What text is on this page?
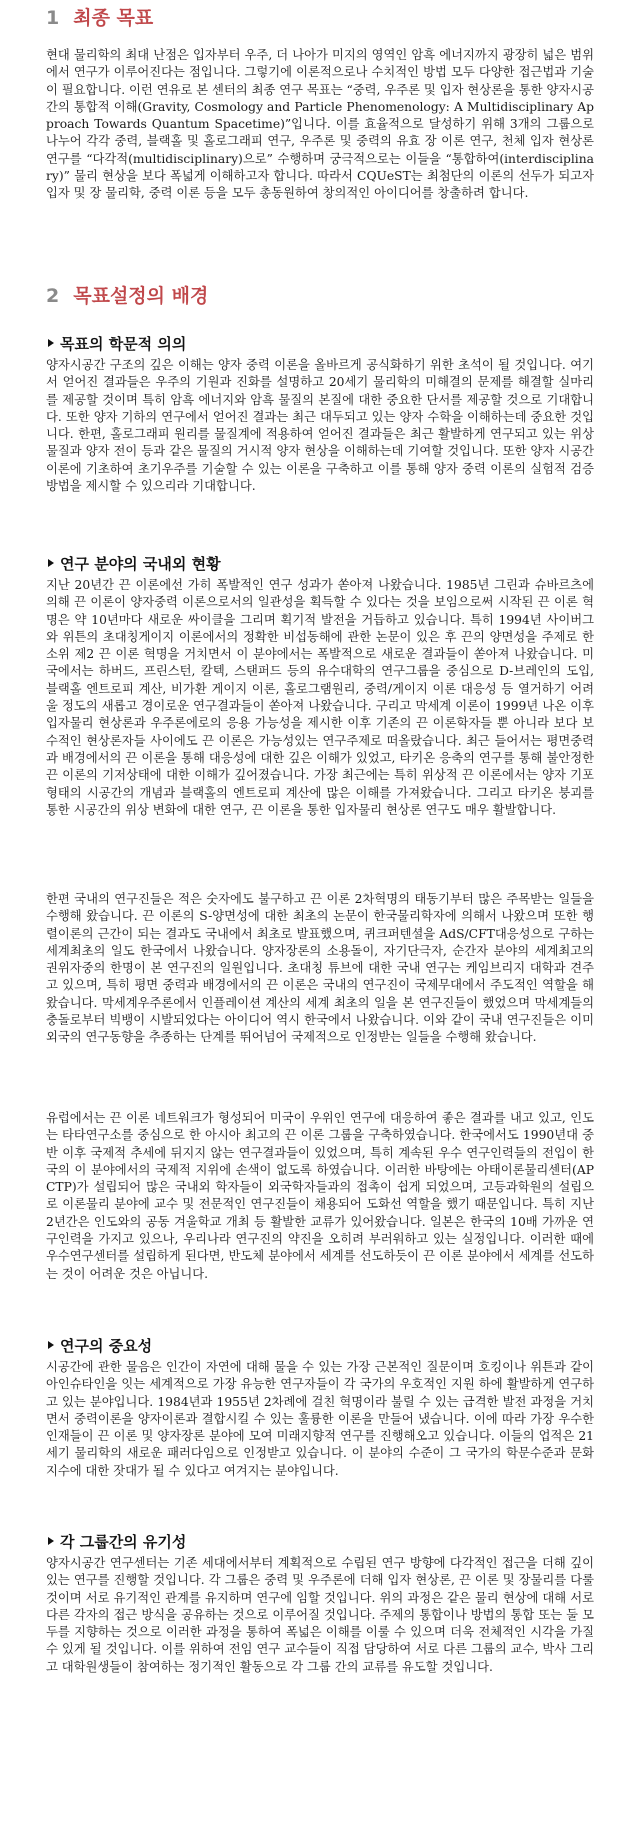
1 최종 목표

현대 물리학의 최대 난점은 입자부터 우주, 더 나아가 미지의 영역인 암흑 에너지까지 광장히 넓은 범위에서 연구가 이루어진다는 점입니다. 그렇기에 이론적으로나 수치적인 방법 모두 다양한 접근법과 기술이 필요합니다. 이런 연유로 본 센터의 최종 연구 목표는 “중력, 우주론 및 입자 현상론을 통한 양자시공간의 통합적 이해(Gravity, Cosmology and Particle Phenomenology: A Multidisciplinary Approach Towards Quantum Spacetime)”입니다. 이를 효율적으로 달성하기 위해 3개의 그룹으로 나누어 각각 중력, 블랙홀 및 홀로그래피 연구, 우주론 및 중력의 유효 장 이론 연구, 천체 입자 현상론 연구를 “다각적(multidisciplinary)으로” 수행하며 궁극적으로는 이들을 “통합하여(interdisciplinary)” 물리 현상을 보다 폭넓게 이해하고자 합니다. 따라서 CQUeST는 최첨단의 이론의 선두가 되고자 입자 및 장 물리학, 중력 이론 등을 모두 총동원하여 창의적인 아이디어를 창출하려 합니다.

2 목표설정의 배경
목표의 학문적 의의

양자시공간 구조의 깊은 이해는 양자 중력 이론을 올바르게 공식화하기 위한 초석이 될 것입니다. 여기서 얻어진 결과들은 우주의 기원과 진화를 설명하고 20세기 물리학의 미해결의 문제를 해결할 실마리를 제공할 것이며 특히 암흑 에너지와 암흑 물질의 본질에 대한 중요한 단서를 제공할 것으로 기대합니다. 또한 양자 기하의 연구에서 얻어진 결과는 최근 대두되고 있는 양자 수학을 이해하는데 중요한 것입니다. 한편, 홀로그래피 원리를 물질계에 적용하여 얻어진 결과들은 최근 활발하게 연구되고 있는 위상 물질과 양자 전이 등과 같은 물질의 거시적 양자 현상을 이해하는데 기여할 것입니다. 또한 양자 시공간 이론에 기초하여 초기우주를 기술할 수 있는 이론을 구축하고 이를 통해 양자 중력 이론의 실험적 검증 방법을 제시할 수 있으리라 기대합니다.

연구 분야의 국내외 현황

지난 20년간 끈 이론에선 가히 폭발적인 연구 성과가 쏟아져 나왔습니다. 1985년 그린과 슈바르츠에 의해 끈 이론이 양자중력 이론으로서의 일관성을 획득할 수 있다는 것을 보임으로써 시작된 끈 이론 혁명은 약 10년마다 새로운 싸이클을 그리며 획기적 발전을 거듭하고 있습니다. 특히 1994년 사이버그와 위튼의 초대칭게이지 이론에서의 정확한 비섭동해에 관한 논문이 있은 후 끈의 양면성을 주제로 한 소위 제2 끈 이론 혁명을 거치면서 이 분야에서는 폭발적으로 새로운 결과들이 쏟아져 나왔습니다. 미국에서는 하버드, 프린스턴, 칼텍, 스탠퍼드 등의 유수대학의 연구그룹을 중심으로 D-브레인의 도입, 블랙홀 엔트로피 계산, 비가환 게이지 이론, 홀로그램원리, 중력/게이지 이론 대응성 등 열거하기 어려울 정도의 새롭고 경이로운 연구결과들이 쏟아져 나왔습니다. 구리고 막세계 이론이 1999년 나온 이후 입자물리 현상론과 우주론에로의 응용 가능성을 제시한 이후 기존의 끈 이론학자들 뿐 아니라 보다 보수적인 현상론자들 사이에도 끈 이론은 가능성있는 연구주제로 떠올랐습니다. 최근 들어서는 평면중력과 배경에서의 끈 이론을 통해 대응성에 대한 깊은 이해가 있었고, 타키온 응축의 연구를 통해 불안정한 끈 이론의 기저상태에 대한 이해가 깊어졌습니다. 가장 최근에는 특히 위상적 끈 이론에서는 양자 기포형태의 시공간의 개념과 블랙홀의 엔트로피 계산에 많은 이해를 가져왔습니다. 그리고 타키온 붕괴를 통한 시공간의 위상 변화에 대한 연구, 끈 이론을 통한 입자물리 현상론 연구도 매우 활발합니다.

한편 국내의 연구진들은 적은 숫자에도 불구하고 끈 이론 2차혁명의 태동기부터 많은 주목받는 일들을 수행해 왔습니다. 끈 이론의 S-양면성에 대한 최초의 논문이 한국물리학자에 의해서 나왔으며 또한 행렬이론의 근간이 되는 결과도 국내에서 최초로 발표했으며, 퀴크퍼텐셜을 AdS/CFT대응성으로 구하는 세계최초의 일도 한국에서 나왔습니다. 양자장론의 소용돌이, 자기단극자, 순간자 분야의 세계최고의 권위자중의 한명이 본 연구진의 일원입니다. 초대칭 튜브에 대한 국내 연구는 케임브리지 대학과 견주고 있으며, 특히 평면 중력과 배경에서의 끈 이론은 국내의 연구진이 국제무대에서 주도적인 역할을 해왔습니다. 막세계우주론에서 인플레이션 계산의 세계 최초의 일을 본 연구진들이 했었으며 막세계들의 충돌로부터 빅뱅이 시발되었다는 아이디어 역시 한국에서 나왔습니다. 이와 같이 국내 연구진들은 이미 외국의 연구동향을 추종하는 단계를 뛰어넘어 국제적으로 인정받는 일들을 수행해 왔습니다.

유럽에서는 끈 이론 네트워크가 형성되어 미국이 우위인 연구에 대응하여 좋은 결과를 내고 있고, 인도는 타타연구소를 중심으로 한 아시아 최고의 끈 이론 그룹을 구축하였습니다. 한국에서도 1990년대 중반 이후 국제적 추세에 뒤지지 않는 연구결과들이 있었으며, 특히 계속된 우수 연구인력들의 전입이 한국의 이 분야에서의 국제적 지위에 손색이 없도록 하였습니다. 이러한 바탕에는 아태이론물리센터(APCTP)가 설립되어 많은 국내외 학자들이 외국학자들과의 접촉이 쉽게 되었으며, 고등과학원의 설립으로 이론물리 분야에 교수 및 전문적인 연구진들이 채용되어 도화선 역할을 했기 때문입니다. 특히 지난 2년간은 인도와의 공동 겨울학교 개최 등 활발한 교류가 있어왔습니다. 일본은 한국의 10배 가까운 연구인력을 가지고 있으나, 우리나라 연구진의 약진을 오히려 부러워하고 있는 실정입니다. 이러한 때에 우수연구센터를 설립하게 된다면, 반도체 분야에서 세계를 선도하듯이 끈 이론 분야에서 세계를 선도하는 것이 어려운 것은 아닙니다.

연구의 중요성

시공간에 관한 물음은 인간이 자연에 대해 물을 수 있는 가장 근본적인 질문이며 호킹이나 위튼과 같이 아인슈타인을 잇는 세계적으로 가장 유능한 연구자들이 각 국가의 우호적인 지원 하에 활발하게 연구하고 있는 분야입니다. 1984년과 1955년 2차례에 걸친 혁명이라 불릴 수 있는 급격한 발전 과정을 거치면서 중력이론을 양자이론과 결합시킬 수 있는 훌륭한 이론을 만들어 냈습니다. 이에 따라 가장 우수한 인재들이 끈 이론 및 양자장론 분야에 모여 미래지향적 연구를 진행해오고 있습니다. 이들의 업적은 21세기 물리학의 새로운 패러다임으로 인정받고 있습니다. 이 분야의 수준이 그 국가의 학문수준과 문화지수에 대한 잣대가 될 수 있다고 여겨지는 분야입니다.

각 그룹간의 유기성

양자시공간 연구센터는 기존 세대에서부터 계획적으로 수립된 연구 방향에 다각적인 접근을 더해 깊이 있는 연구를 진행할 것입니다. 각 그룹은 중력 및 우주론에 더해 입자 현상론, 끈 이론 및 장물리를 다룰 것이며 서로 유기적인 관계를 유지하며 연구에 임할 것입니다. 위의 과정은 같은 물리 현상에 대해 서로 다른 각자의 접근 방식을 공유하는 것으로 이루어질 것입니다. 주제의 통합이나 방법의 통합 또는 둘 모두를 지향하는 것으로 이러한 과정을 통하여 폭넓은 이해를 이룰 수 있으며 더욱 전체적인 시각을 가질 수 있게 될 것입니다. 이를 위하여 전임 연구 교수들이 직접 담당하여 서로 다른 그룹의 교수, 박사 그리고 대학원생들이 참여하는 정기적인 활동으로 각 그룹 간의 교류를 유도할 것입니다.
